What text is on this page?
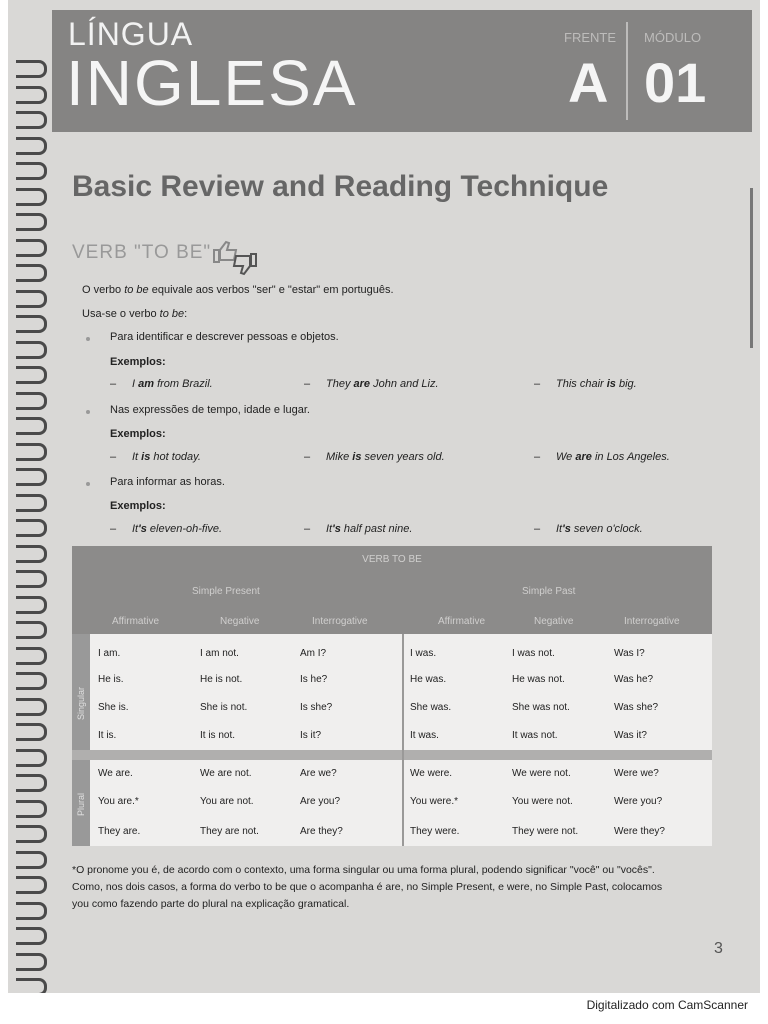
LÍNGUA
INGLESA
FRENTE MÓDULO
A 01
Basic Review and Reading Technique
VERB "TO BE"
O verbo to be equivale aos verbos "ser" e "estar" em português.
Usa-se o verbo to be:
Para identificar e descrever pessoas e objetos.
Exemplos:
– I am from Brazil.	– They are John and Liz.	– This chair is big.
Nas expressões de tempo, idade e lugar.
Exemplos:
– It is hot today.	– Mike is seven years old.	– We are in Los Angeles.
Para informar as horas.
Exemplos:
– It's eleven-oh-five.	– It's half past nine.	– It's seven o'clock.
VERB TO BE
Simple Present	Simple Past
Affirmative	Negative	Interrogative	Affirmative	Negative	Interrogative
Singular
Plural
I am.	I am not.	Am I?	I was.	I was not.	Was I?
He is.	He is not.	Is he?	He was.	He was not.	Was he?
She is.	She is not.	Is she?	She was.	She was not.	Was she?
It is.	It is not.	Is it?	It was.	It was not.	Was it?
We are.	We are not.	Are we?	We were.	We were not.	Were we?
You are.*	You are not.	Are you?	You were.*	You were not.	Were you?
They are.	They are not.	Are they?	They were.	They were not.	Were they?
*O pronome you é, de acordo com o contexto, uma forma singular ou uma forma plural, podendo significar "você" ou "vocês".
Como, nos dois casos, a forma do verbo to be que o acompanha é are, no Simple Present, e were, no Simple Past, colocamos
you como fazendo parte do plural na explicação gramatical.
3
Digitalizado com CamScanner
